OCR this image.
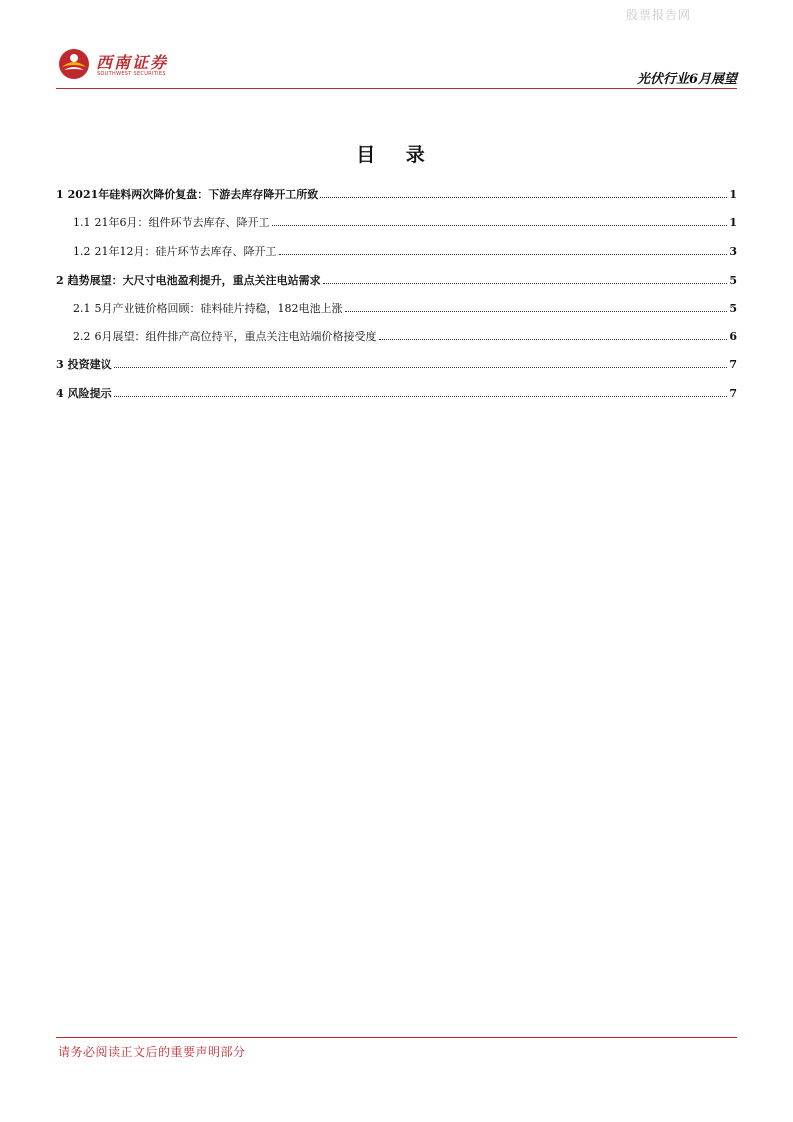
股票报告网
西南证券
SOUTHWEST SECURITIES	光伏行业6月展望
目 录
1 2021年硅料两次降价复盘：下游去库存降开工所致	1
1.1 21年6月：组件环节去库存、降开工	1
1.2 21年12月：硅片环节去库存、降开工	3
2 趋势展望：大尺寸电池盈利提升，重点关注电站需求	5
2.1 5月产业链价格回顾：硅料硅片持稳，182电池上涨	5
2.2 6月展望：组件排产高位持平，重点关注电站端价格接受度	6
3 投资建议	7
4 风险提示	7
请务必阅读正文后的重要声明部分
